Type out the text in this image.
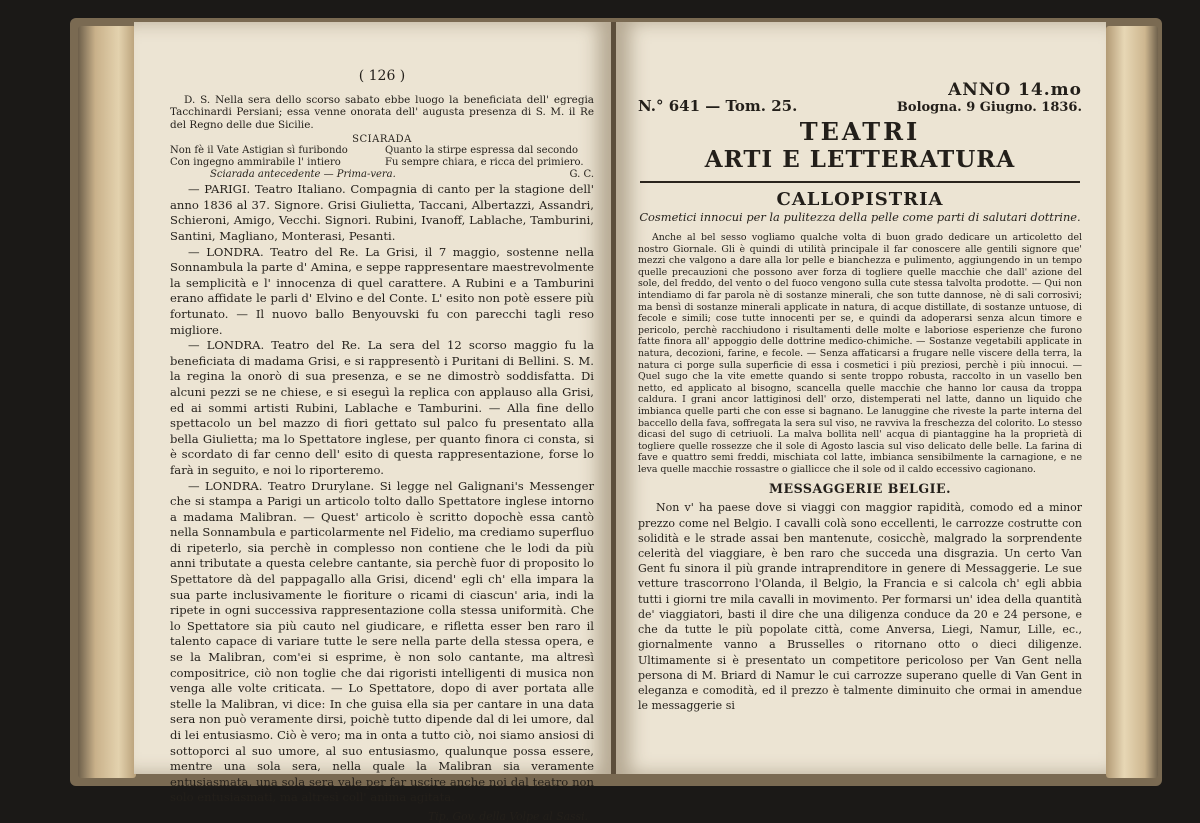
( 126 )

D. S. Nella sera dello scorso sabato ebbe luogo la beneficiata dell' egregia Tacchinardi Persiani; essa venne onorata dell' augusta presenza di S. M. il Re del Regno delle due Sicilie.

SCIARADA
Non fè il Vate Astigian sì furibondo	Quanto la stirpe espressa dal secondo
Con ingegno ammirabile l' intiero	Fu sempre chiara, e ricca del primiero.
Sciarada antecedente — Prima-vera.	G. C.

— PARIGI. Teatro Italiano. Compagnia di canto per la stagione dell' anno 1836 al 37. Signore. Grisi Giulietta, Taccani, Albertazzi, Assandri, Schieroni, Amigo, Vecchi. Signori. Rubini, Ivanoff, Lablache, Tamburini, Santini, Magliano, Monterasi, Pesanti.

— LONDRA. Teatro del Re. La Grisi, il 7 maggio, sostenne nella Sonnambula la parte d' Amina, e seppe rappresentare maestrevolmente la semplicità e l' innocenza di quel carattere. A Rubini e a Tamburini erano affidate le parli d' Elvino e del Conte. L' esito non potè essere più fortunato. — Il nuovo ballo Benyouvski fu con parecchi tagli reso migliore.

— LONDRA. Teatro del Re. La sera del 12 scorso maggio fu la beneficiata di madama Grisi, e si rappresentò i Puritani di Bellini. S. M. la regina la onorò di sua presenza, e se ne dimostrò soddisfatta. Di alcuni pezzi se ne chiese, e si eseguì la replica con applauso alla Grisi, ed ai sommi artisti Rubini, Lablache e Tamburini. — Alla fine dello spettacolo un bel mazzo di fiori gettato sul palco fu presentato alla bella Giulietta; ma lo Spettatore inglese, per quanto finora ci consta, si è scordato di far cenno dell' esito di questa rappresentazione, forse lo farà in seguito, e noi lo riporteremo.

— LONDRA. Teatro Drurylane. Si legge nel Galignani's Messenger che si stampa a Parigi un articolo tolto dallo Spettatore inglese intorno a madama Malibran. — Quest' articolo è scritto dopochè essa cantò nella Sonnambula e particolarmente nel Fidelio, ma crediamo superfluo di ripeterlo, sia perchè in complesso non contiene che le lodi da più anni tributate a questa celebre cantante, sia perchè fuor di proposito lo Spettatore dà del pappagallo alla Grisi, dicend' egli ch' ella impara la sua parte inclusivamente le fioriture o ricami di ciascun' aria, indi la ripete in ogni successiva rappresentazione colla stessa uniformità. Che lo Spettatore sia più cauto nel giudicare, e rifletta esser ben raro il talento capace di variare tutte le sere nella parte della stessa opera, e se la Malibran, com'ei si esprime, è non solo cantante, ma altresì compositrice, ciò non toglie che dai rigoristi intelligenti di musica non venga alle volte criticata. — Lo Spettatore, dopo di aver portata alle stelle la Malibran, vi dice: In che guisa ella sia per cantare in una data sera non può veramente dirsi, poichè tutto dipende dal di lei umore, dal di lei entusiasmo. Ciò è vero; ma in onta a tutto ciò, noi siamo ansiosi di sottoporci al suo umore, al suo entusiasmo, qualunque possa essere, mentre una sola sera, nella quale la Malibran sia veramente entusiasmata, una sola sera vale per far uscire anche noi dal teatro non solo entusiasmati, ma altresì coll' anima agitata.

Tip. Gov. della Volpe al Sassi.
N.° 641 — Tom. 25.
ANNO 14.mo
Bologna. 9 Giugno. 1836.
TEATRI
ARTI E LETTERATURA
CALLOPISTRIA
Cosmetici innocui per la pulitezza della pelle come parti di salutari dottrine.

Anche al bel sesso vogliamo qualche volta di buon grado dedicare un articoletto del nostro Giornale. Gli è quindi di utilità principale il far conoscere alle gentili signore que' mezzi che valgono a dare alla lor pelle e bianchezza e pulimento, aggiungendo in un tempo quelle precauzioni che possono aver forza di togliere quelle macchie che dall' azione del sole, del freddo, del vento o del fuoco vengono sulla cute stessa talvolta prodotte. — Qui non intendiamo di far parola nè di sostanze minerali, che son tutte dannose, nè di sali corrosivi; ma bensì di sostanze minerali applicate in natura, di acque distillate, di sostanze untuose, di fecole e simili; cose tutte innocenti per se, e quindi da adoperarsi senza alcun timore e pericolo, perchè racchiudono i risultamenti delle molte e laboriose esperienze che furono fatte finora all' appoggio delle dottrine medico-chimiche. — Sostanze vegetabili applicate in natura, decozioni, farine, e fecole. — Senza affaticarsi a frugare nelle viscere della terra, la natura ci porge sulla superficie di essa i cosmetici i più preziosi, perchè i più innocui. — Quel sugo che la vite emette quando si sente troppo robusta, raccolto in un vasello ben netto, ed applicato al bisogno, scancella quelle macchie che hanno lor causa da troppa caldura. I grani ancor lattiginosi dell' orzo, distemperati nel latte, danno un liquido che imbianca quelle parti che con esse si bagnano. Le lanuggine che riveste la parte interna del baccello della fava, soffregata la sera sul viso, ne ravviva la freschezza del colorito. Lo stesso dicasi del sugo di cetriuoli. La malva bollita nell' acqua di piantaggine ha la proprietà di togliere quelle rossezze che il sole di Agosto lascia sul viso delicato delle belle. La farina di fave e quattro semi freddi, mischiata col latte, imbianca sensibilmente la carnagione, e ne leva quelle macchie rossastre o giallicce che il sole od il caldo eccessivo cagionano.

MESSAGGERIE BELGIE.

Non v' ha paese dove si viaggi con maggior rapidità, comodo ed a minor prezzo come nel Belgio. I cavalli colà sono eccellenti, le carrozze costrutte con solidità e le strade assai ben mantenute, cosicchè, malgrado la sorprendente celerità del viaggiare, è ben raro che succeda una disgrazia. Un certo Van Gent fu sinora il più grande intraprenditore in genere di Messaggerie. Le sue vetture trascorrono l'Olanda, il Belgio, la Francia e si calcola ch' egli abbia tutti i giorni tre mila cavalli in movimento. Per formarsi un' idea della quantità de' viaggiatori, basti il dire che una diligenza conduce da 20 e 24 persone, e che da tutte le più popolate città, come Anversa, Liegi, Namur, Lille, ec., giornalmente vanno a Brusselles o ritornano otto o dieci diligenze. Ultimamente si è presentato un competitore pericoloso per Van Gent nella persona di M. Briard di Namur le cui carrozze superano quelle di Van Gent in eleganza e comodità, ed il prezzo è talmente diminuito che ormai in amendue le messaggerie si
